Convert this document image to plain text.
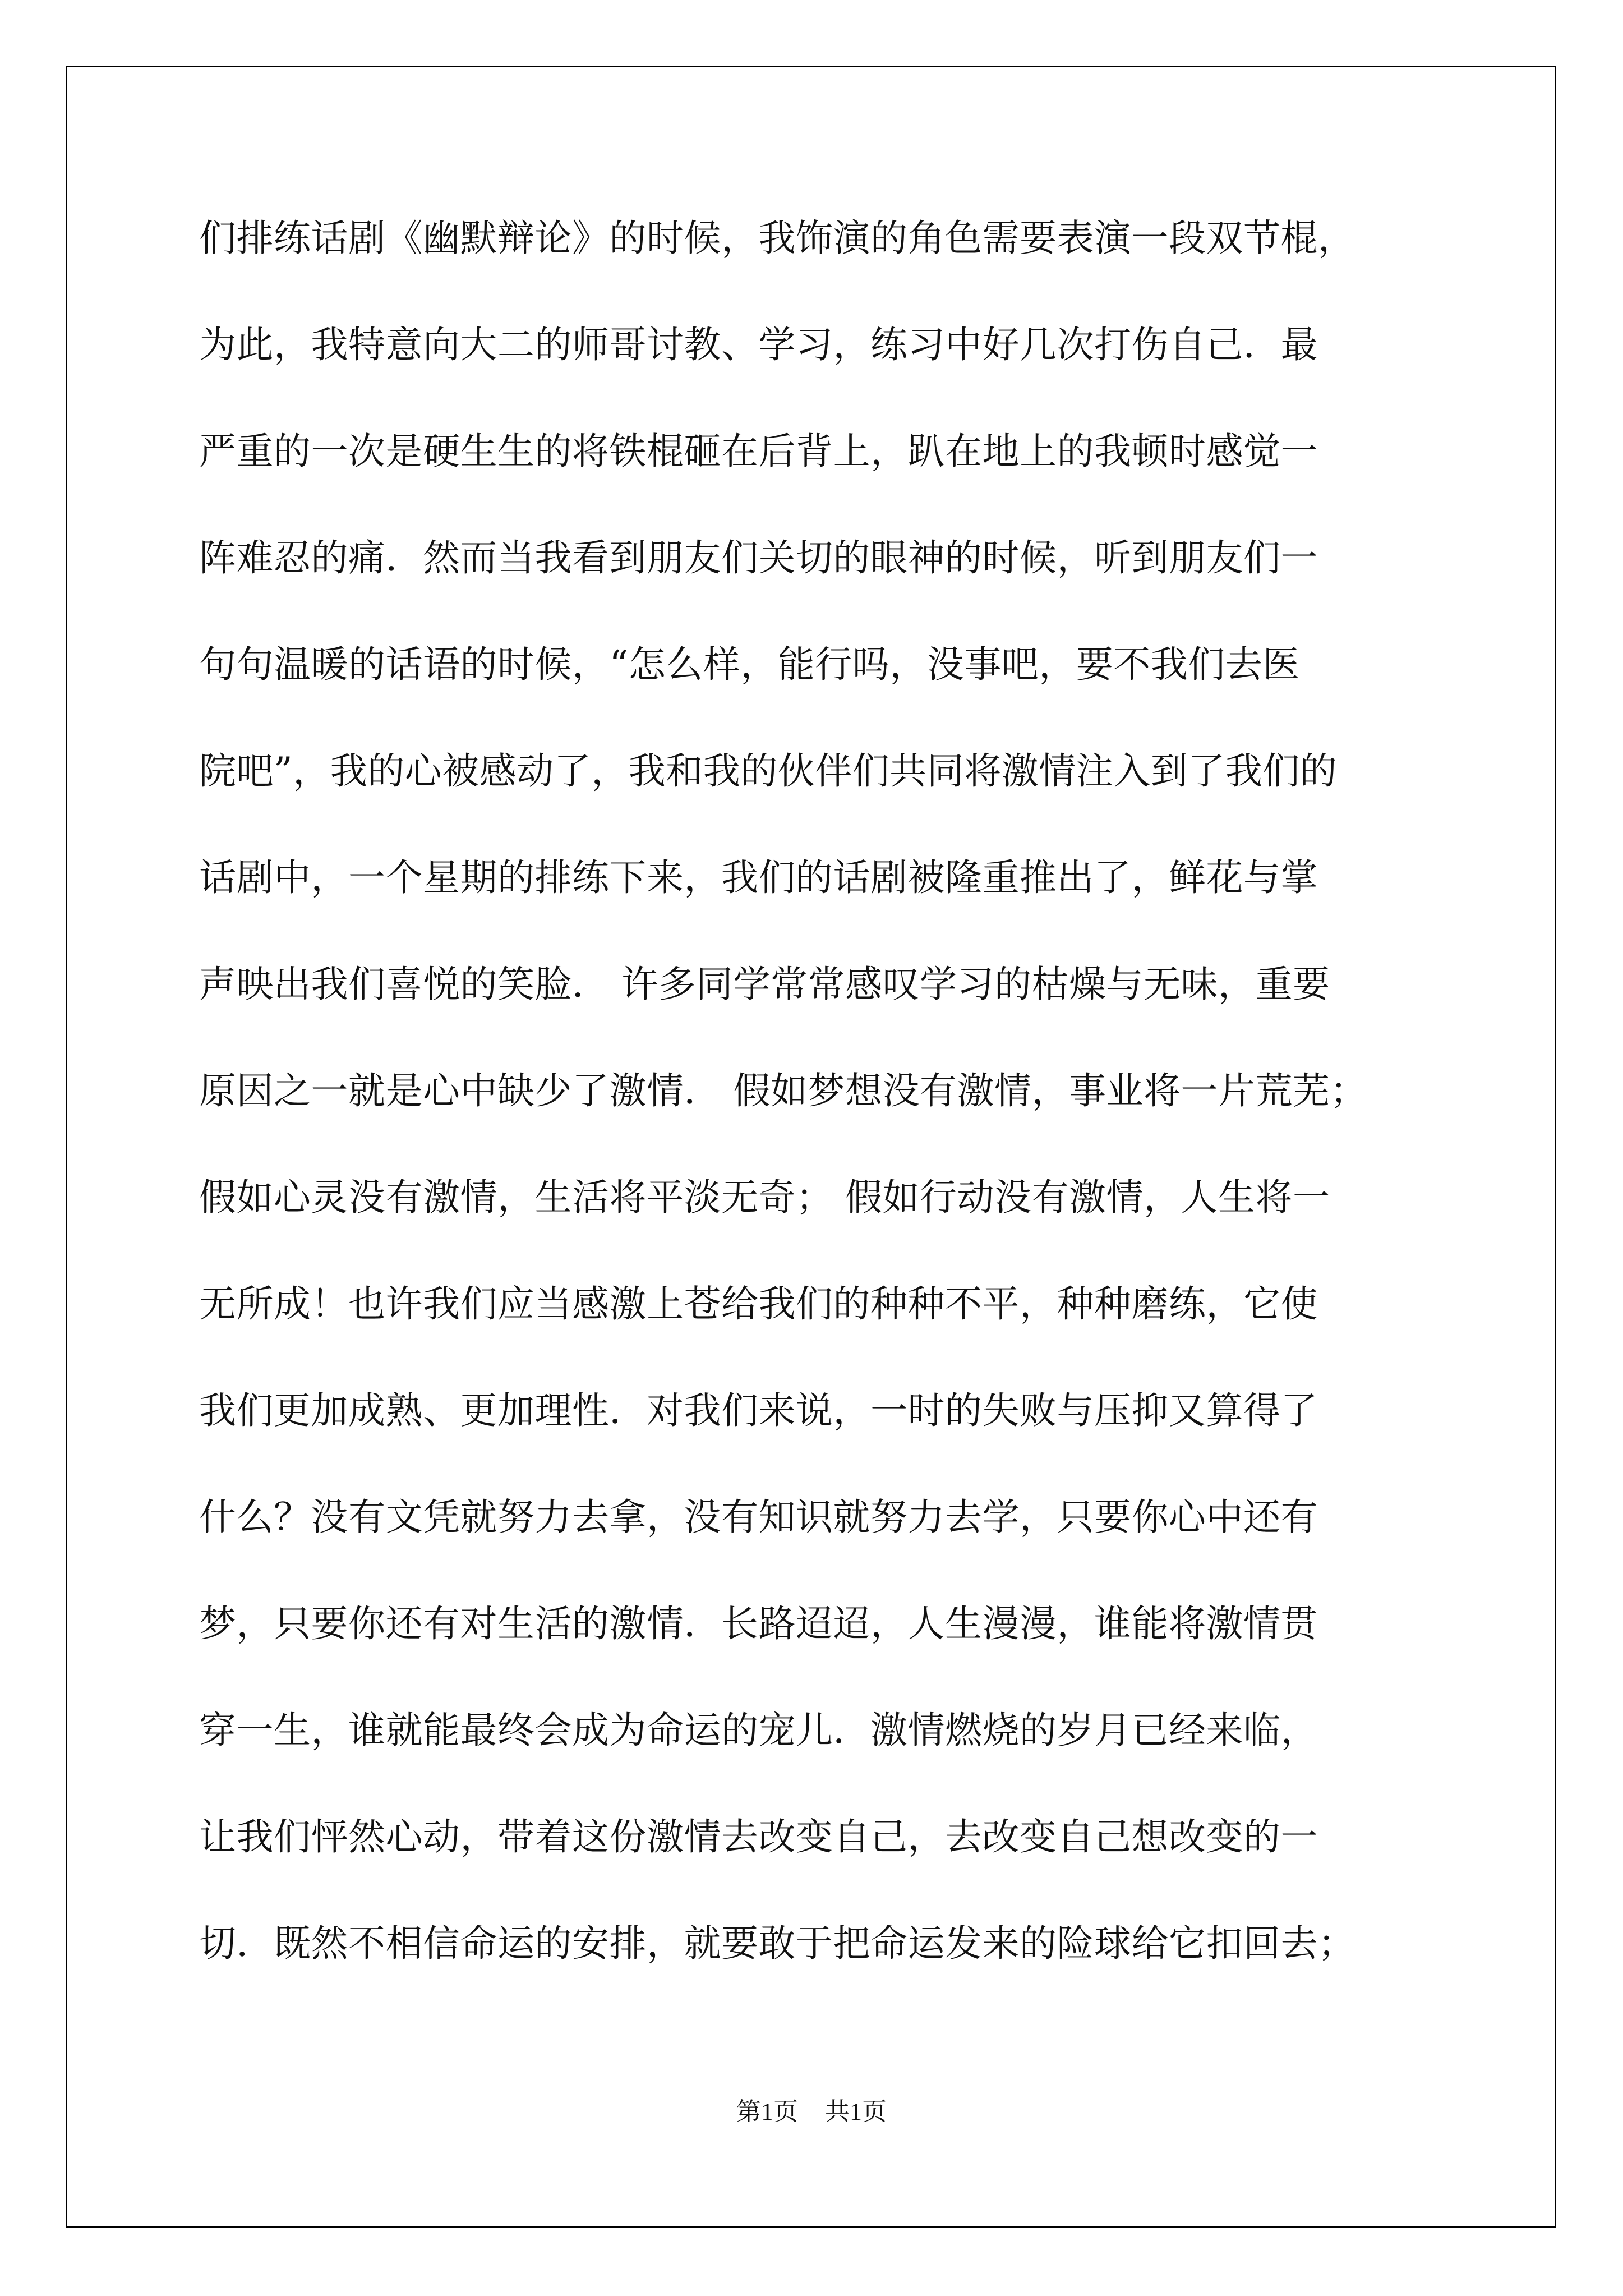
们排练话剧《幽默辩论》的时候，我饰演的角色需要表演一段双节棍，
为此，我特意向大二的师哥讨教、学习，练习中好几次打伤自己．最
严重的一次是硬生生的将铁棍砸在后背上，趴在地上的我顿时感觉一
阵难忍的痛．然而当我看到朋友们关切的眼神的时候，听到朋友们一
句句温暖的话语的时候，“怎么样，能行吗，没事吧，要不我们去医
院吧”，我的心被感动了，我和我的伙伴们共同将激情注入到了我们的
话剧中，一个星期的排练下来，我们的话剧被隆重推出了，鲜花与掌
声映出我们喜悦的笑脸． 许多同学常常感叹学习的枯燥与无味，重要
原因之一就是心中缺少了激情． 假如梦想没有激情，事业将一片荒芜；
假如心灵没有激情，生活将平淡无奇； 假如行动没有激情，人生将一
无所成！也许我们应当感激上苍给我们的种种不平，种种磨练，它使
我们更加成熟、更加理性．对我们来说，一时的失败与压抑又算得了
什么？没有文凭就努力去拿，没有知识就努力去学，只要你心中还有
梦，只要你还有对生活的激情．长路迢迢，人生漫漫，谁能将激情贯
穿一生，谁就能最终会成为命运的宠儿．激情燃烧的岁月已经来临，
让我们怦然心动，带着这份激情去改变自己，去改变自己想改变的一
切．既然不相信命运的安排，就要敢于把命运发来的险球给它扣回去；
第1页 共1页
